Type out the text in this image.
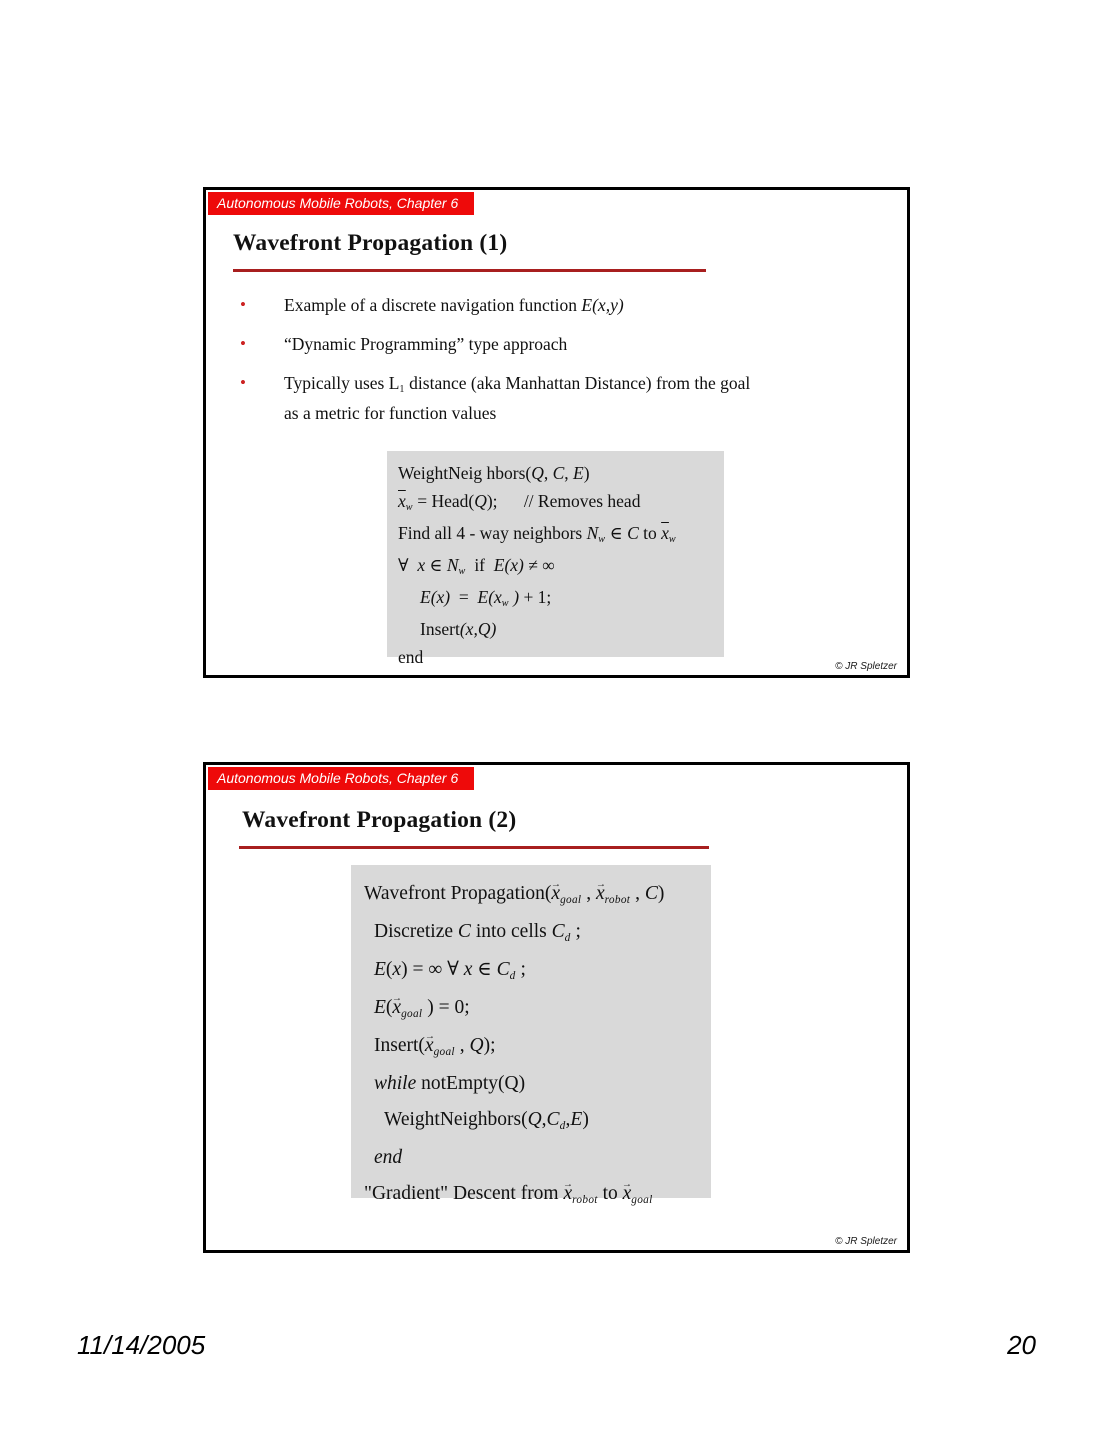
Autonomous Mobile Robots, Chapter 6
Wavefront Propagation (1)
•	Example of a discrete navigation function E(x,y)
•	“Dynamic Programming” type approach
•	Typically uses L1 distance (aka Manhattan Distance) from the goal
as a metric for function values
WeightNeig hbors(Q, C, E)
$\overline{x}w$ = Head(Q);      // Removes head
Find all 4 - way neighbors Nw ∈ C to $\overline{x}w$
∀  x ∈ Nw  if  E(x) ≠ ∞
E(x)  =  E(xw ) + 1;
Insert(x,Q)
end	© JR Spletzer
Autonomous Mobile Robots, Chapter 6
Wavefront Propagation (2)
Wavefront Propagation(x →goal , x →robot , C)
Discretize C into cells Cd ;
E(x) = ∞ ∀ x ∈ Cd ;
E(x →goal ) = 0;
Insert(x →goal , Q);
while notEmpty(Q)
WeightNeighbors(Q,Cd,E)
end
"Gradient" Descent from x →robot to x →goal
© JR Spletzer
11/14/2005	20
